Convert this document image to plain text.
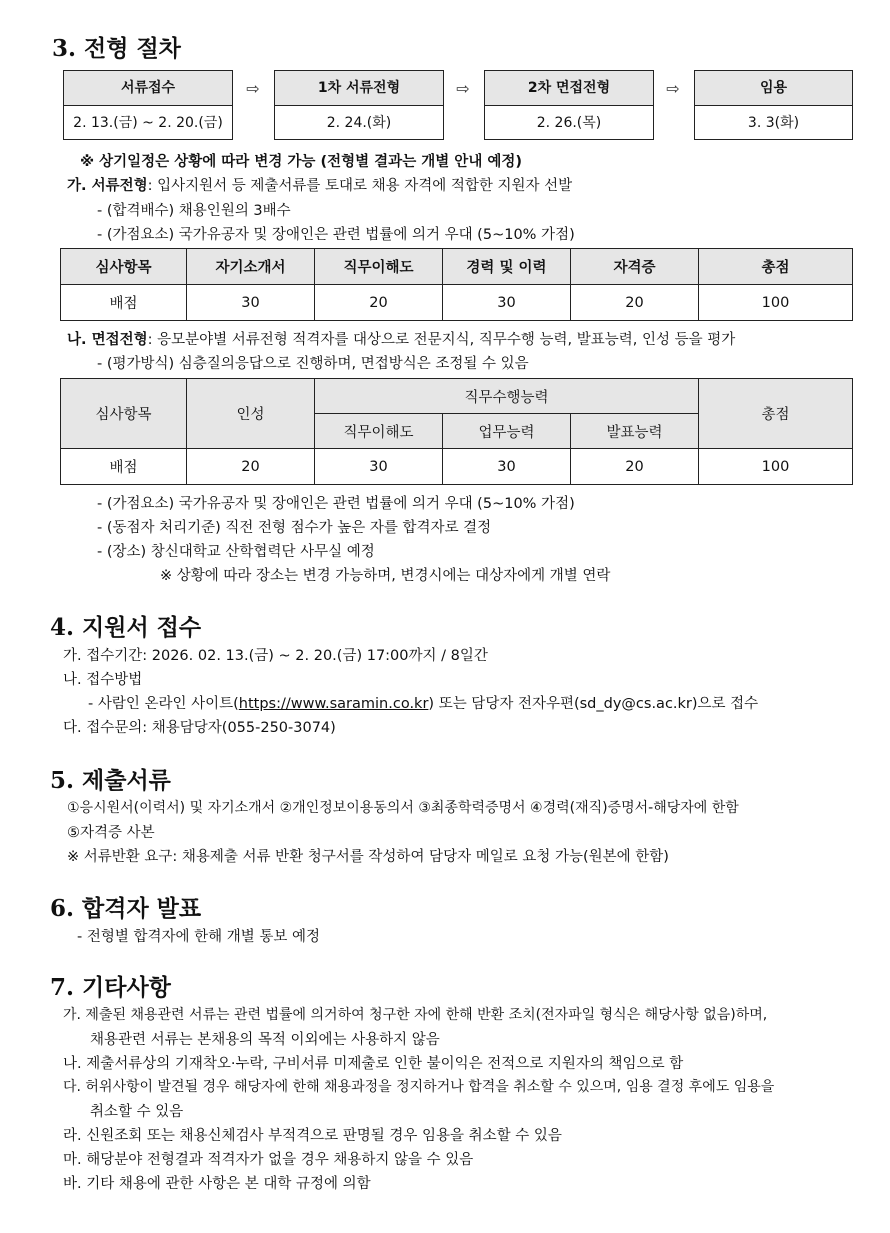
3. 전형 절차
서류접수
2. 13.(금) ~ 2. 20.(금)
⇨	1차 서류전형
2. 24.(화)
⇨	2차 면접전형
2. 26.(목)
⇨	임용
3. 3(화)
※ 상기일정은 상황에 따라 변경 가능 (전형별 결과는 개별 안내 예정)
가. 서류전형: 입사지원서 등 제출서류를 토대로 채용 자격에 적합한 지원자 선발
- (합격배수) 채용인원의 3배수
- (가점요소) 국가유공자 및 장애인은 관련 법률에 의거 우대 (5~10% 가점)
심사항목	자기소개서	직무이해도	경력 및 이력	자격증	총점
배점	30	20	30	20	100
나. 면접전형: 응모분야별 서류전형 적격자를 대상으로 전문지식, 직무수행 능력, 발표능력, 인성 등을 평가
- (평가방식) 심층질의응답으로 진행하며, 면접방식은 조정될 수 있음
심사항목	인성	직무수행능력			총점
		직무이해도	업무능력	발표능력	
배점	20	30	30	20	100
- (가점요소) 국가유공자 및 장애인은 관련 법률에 의거 우대 (5~10% 가점)
- (동점자 처리기준) 직전 전형 점수가 높은 자를 합격자로 결정
- (장소) 창신대학교 산학협력단 사무실 예정
※ 상황에 따라 장소는 변경 가능하며, 변경시에는 대상자에게 개별 연락
4. 지원서 접수
가. 접수기간: 2026. 02. 13.(금) ~ 2. 20.(금) 17:00까지 / 8일간
나. 접수방법
- 사람인 온라인 사이트(https://www.saramin.co.kr) 또는 담당자 전자우편(sd_dy@cs.ac.kr)으로 접수
다. 접수문의: 채용담당자(055-250-3074)
5. 제출서류
①응시원서(이력서) 및 자기소개서 ②개인정보이용동의서 ③최종학력증명서 ④경력(재직)증명서-해당자에 한함
⑤자격증 사본
※ 서류반환 요구: 채용제출 서류 반환 청구서를 작성하여 담당자 메일로 요청 가능(원본에 한함)
6. 합격자 발표
- 전형별 합격자에 한해 개별 통보 예정
7. 기타사항
가. 제출된 채용관련 서류는 관련 법률에 의거하여 청구한 자에 한해 반환 조치(전자파일 형식은 해당사항 없음)하며,
채용관련 서류는 본채용의 목적 이외에는 사용하지 않음
나. 제출서류상의 기재착오·누락, 구비서류 미제출로 인한 불이익은 전적으로 지원자의 책임으로 함
다. 허위사항이 발견될 경우 해당자에 한해 채용과정을 정지하거나 합격을 취소할 수 있으며, 임용 결정 후에도 임용을
취소할 수 있음
라. 신원조회 또는 채용신체검사 부적격으로 판명될 경우 임용을 취소할 수 있음
마. 해당분야 전형결과 적격자가 없을 경우 채용하지 않을 수 있음
바. 기타 채용에 관한 사항은 본 대학 규정에 의함
